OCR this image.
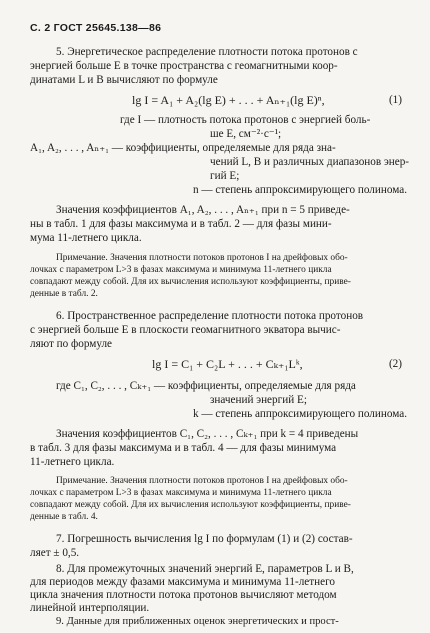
С. 2 ГОСТ 25645.138—86
5. Энергетическое распределение плотности потока протонов с
энергией больше E в точке пространства с геомагнитными коор-
динатами L и B вычисляют по формуле
lg I = A₁ + A₂(lg E) + . . . + Aₙ₊₁(lg E)ⁿ,	(1)
где I — плотность потока протонов с энергией боль-
ше E, см⁻²·с⁻¹;
A₁, A₂, . . . , Aₙ₊₁ — коэффициенты, определяемые для ряда зна-
чений L, B и различных диапазонов энер-
гий E;
n — степень аппроксимирующего полинома.
Значения коэффициентов A₁, A₂, . . . , Aₙ₊₁ при n = 5 приведе-
ны в табл. 1 для фазы максимума и в табл. 2 — для фазы мини-
мума 11-летнего цикла.
Примечание. Значения плотности потоков протонов I на дрейфовых обо-
лочках с параметром L>3 в фазах максимума и минимума 11-летнего цикла
совпадают между собой. Для их вычисления используют коэффициенты, приве-
денные в табл. 2.
6. Пространственное распределение плотности потока протонов
с энергией больше E в плоскости геомагнитного экватора вычис-
ляют по формуле
lg I = C₁ + C₂L + . . . + Cₖ₊₁Lᵏ,	(2)
где C₁, C₂, . . . , Cₖ₊₁ — коэффициенты, определяемые для ряда
значений энергий E;
k — степень аппроксимирующего полинома.
Значения коэффициентов C₁, C₂, . . . , Cₖ₊₁ при k = 4 приведены
в табл. 3 для фазы максимума и в табл. 4 — для фазы минимума
11-летнего цикла.
Примечание. Значения плотности потоков протонов I на дрейфовых обо-
лочках с параметром L>3 в фазах максимума и минимума 11-летнего цикла
совпадают между собой. Для их вычисления используют коэффициенты, приве-
денные в табл. 4.
7. Погрешность вычисления lg I по формулам (1) и (2) состав-
ляет ± 0,5.
8. Для промежуточных значений энергий E, параметров L и B,
для периодов между фазами максимума и минимума 11-летнего
цикла значения плотности потока протонов вычисляют методом
линейной интерполяции.
9. Данные для приближенных оценок энергетических и прост-
